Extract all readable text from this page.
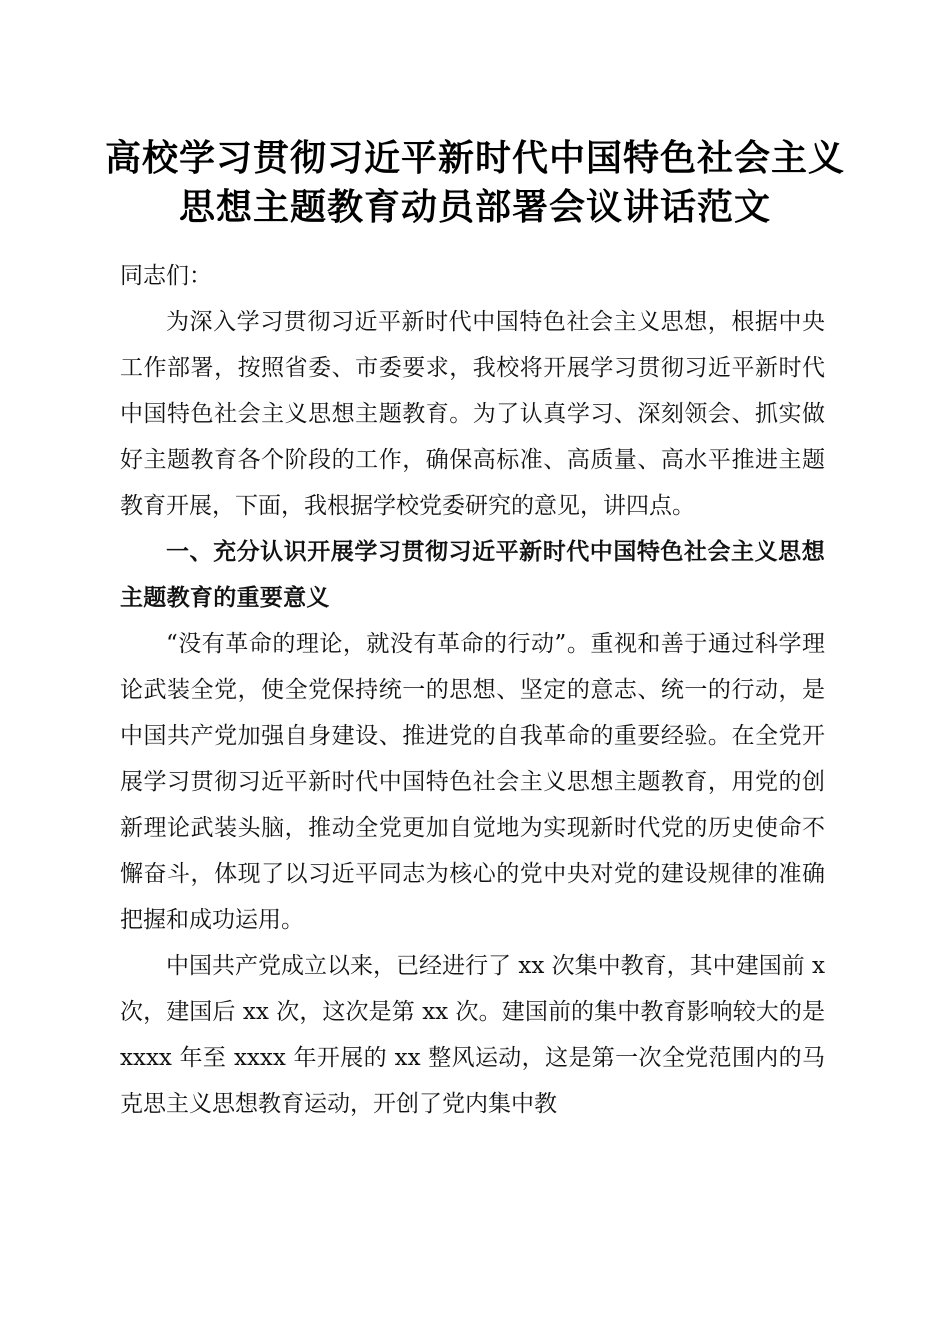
高校学习贯彻习近平新时代中国特色社会主义
思想主题教育动员部署会议讲话范文

同志们：

为深入学习贯彻习近平新时代中国特色社会主义思想，根据中央工作部署，按照省委、市委要求，我校将开展学习贯彻习近平新时代中国特色社会主义思想主题教育。为了认真学习、深刻领会、抓实做好主题教育各个阶段的工作，确保高标准、高质量、高水平推进主题教育开展，下面，我根据学校党委研究的意见，讲四点。

一、充分认识开展学习贯彻习近平新时代中国特色社会主义思想主题教育的重要意义

“没有革命的理论，就没有革命的行动”。重视和善于通过科学理论武装全党，使全党保持统一的思想、坚定的意志、统一的行动，是中国共产党加强自身建设、推进党的自我革命的重要经验。在全党开展学习贯彻习近平新时代中国特色社会主义思想主题教育，用党的创新理论武装头脑，推动全党更加自觉地为实现新时代党的历史使命不懈奋斗，体现了以习近平同志为核心的党中央对党的建设规律的准确把握和成功运用。

中国共产党成立以来，已经进行了 xx 次集中教育，其中建国前 x 次，建国后 xx 次，这次是第 xx 次。建国前的集中教育影响较大的是 xxxx 年至 xxxx 年开展的 xx 整风运动，这是第一次全党范围内的马克思主义思想教育运动，开创了党内集中教
